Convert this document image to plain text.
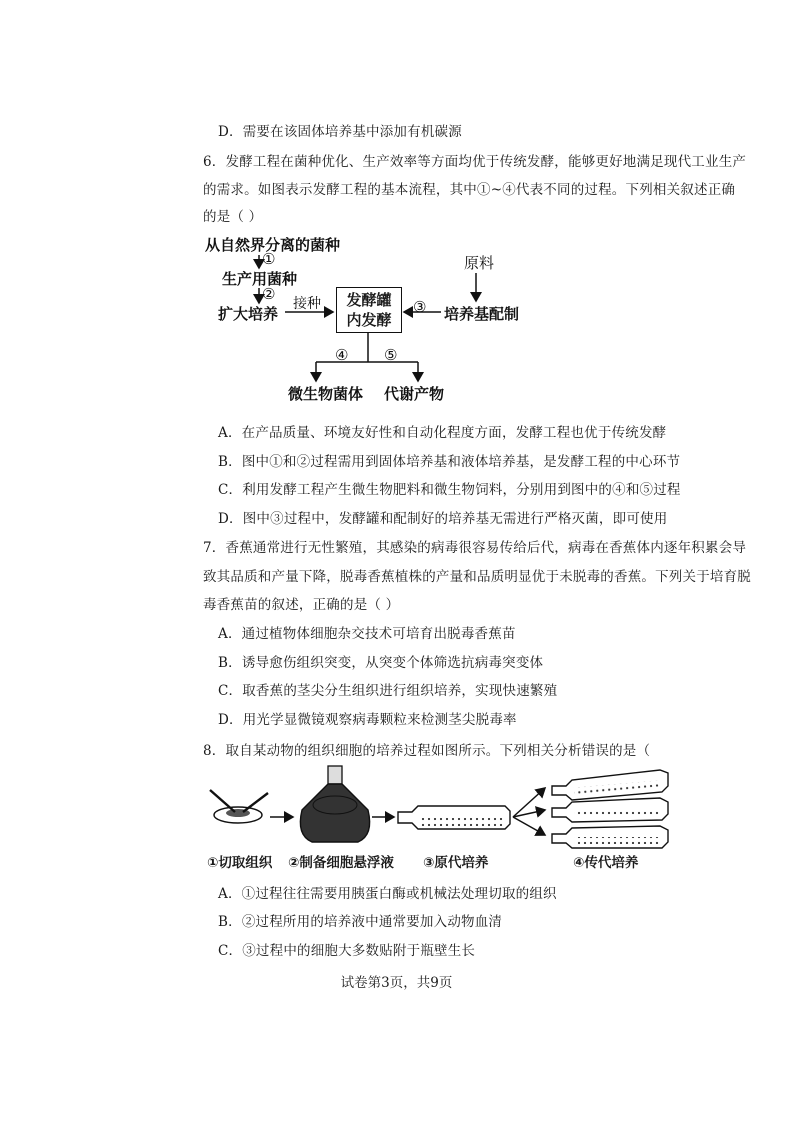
D．需要在该固体培养基中添加有机碳源
6．发酵工程在菌种优化、生产效率等方面均优于传统发酵，能够更好地满足现代工业生产
的需求。如图表示发酵工程的基本流程，其中①~④代表不同的过程。下列相关叙述正确
的是（ ）
从自然界分离的菌种
①
生产用菌种
②
扩大培养
接种 发酵罐
内发酵
③
原料
培养基配制
④ ⑤
微生物菌体 代谢产物
A．在产品质量、环境友好性和自动化程度方面，发酵工程也优于传统发酵
B．图中①和②过程需用到固体培养基和液体培养基，是发酵工程的中心环节
C．利用发酵工程产生微生物肥料和微生物饲料，分别用到图中的④和⑤过程
D．图中③过程中，发酵罐和配制好的培养基无需进行严格灭菌，即可使用
7．香蕉通常进行无性繁殖，其感染的病毒很容易传给后代，病毒在香蕉体内逐年积累会导
致其品质和产量下降，脱毒香蕉植株的产量和品质明显优于未脱毒的香蕉。下列关于培育脱
毒香蕉苗的叙述，正确的是（ ）
A．通过植物体细胞杂交技术可培育出脱毒香蕉苗
B．诱导愈伤组织突变，从突变个体筛选抗病毒突变体
C．取香蕉的茎尖分生组织进行组织培养，实现快速繁殖
D．用光学显微镜观察病毒颗粒来检测茎尖脱毒率
8．取自某动物的组织细胞的培养过程如图所示。下列相关分析错误的是（
①切取组织 ②制备细胞悬浮液 ③原代培养	④传代培养
A．①过程往往需要用胰蛋白酶或机械法处理切取的组织
B．②过程所用的培养液中通常要加入动物血清
C．③过程中的细胞大多数贴附于瓶壁生长
试卷第3页，共9页
